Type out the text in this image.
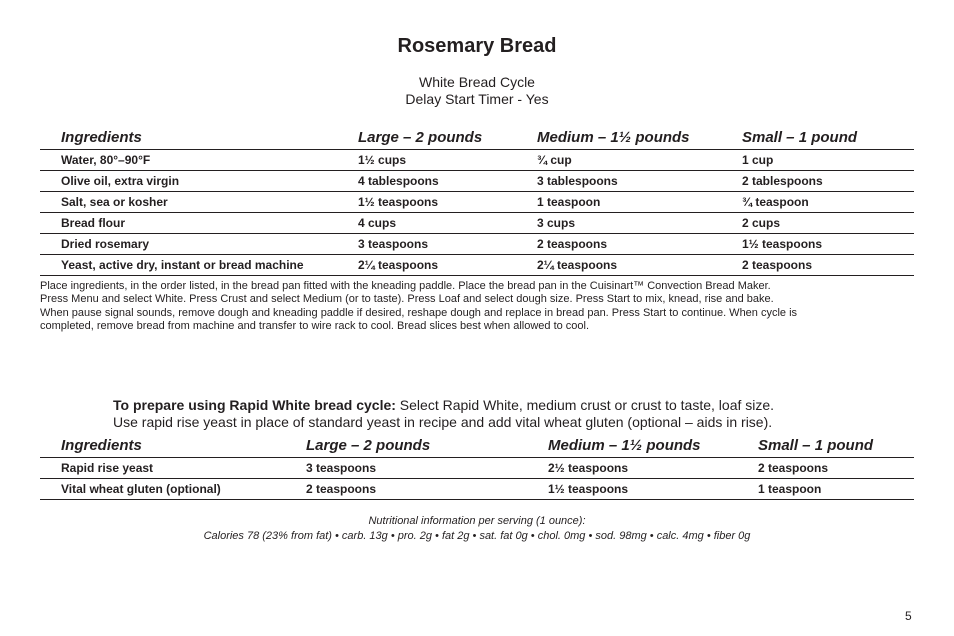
Rosemary Bread
White Bread Cycle
Delay Start Timer - Yes
Ingredients	Large – 2 pounds	Medium – 1½ pounds	Small – 1 pound
Water, 80°–90°F	1½ cups	¾ cup	1 cup
Olive oil, extra virgin	4 tablespoons	3 tablespoons	2 tablespoons
Salt, sea or kosher	1½ teaspoons	1 teaspoon	¾ teaspoon
Bread flour	4 cups	3 cups	2 cups
Dried rosemary	3 teaspoons	2 teaspoons	1½ teaspoons
Yeast, active dry, instant or bread machine	2¼ teaspoons	2¼ teaspoons	2 teaspoons
Place ingredients, in the order listed, in the bread pan fitted with the kneading paddle. Place the bread pan in the Cuisinart™ Convection Bread Maker.
Press Menu and select White. Press Crust and select Medium (or to taste). Press Loaf and select dough size. Press Start to mix, knead, rise and bake.
When pause signal sounds, remove dough and kneading paddle if desired, reshape dough and replace in bread pan. Press Start to continue. When cycle is
completed, remove bread from machine and transfer to wire rack to cool. Bread slices best when allowed to cool.
To prepare using Rapid White bread cycle: Select Rapid White, medium crust or crust to taste, loaf size.
Use rapid rise yeast in place of standard yeast in recipe and add vital wheat gluten (optional – aids in rise).
Ingredients	Large – 2 pounds	Medium – 1½ pounds	Small – 1 pound
Rapid rise yeast	3 teaspoons	2½ teaspoons	2 teaspoons
Vital wheat gluten (optional)	2 teaspoons	1½ teaspoons	1 teaspoon
Nutritional information per serving (1 ounce):
Calories 78 (23% from fat) • carb. 13g • pro. 2g • fat 2g • sat. fat 0g • chol. 0mg • sod. 98mg • calc. 4mg • fiber 0g
5
